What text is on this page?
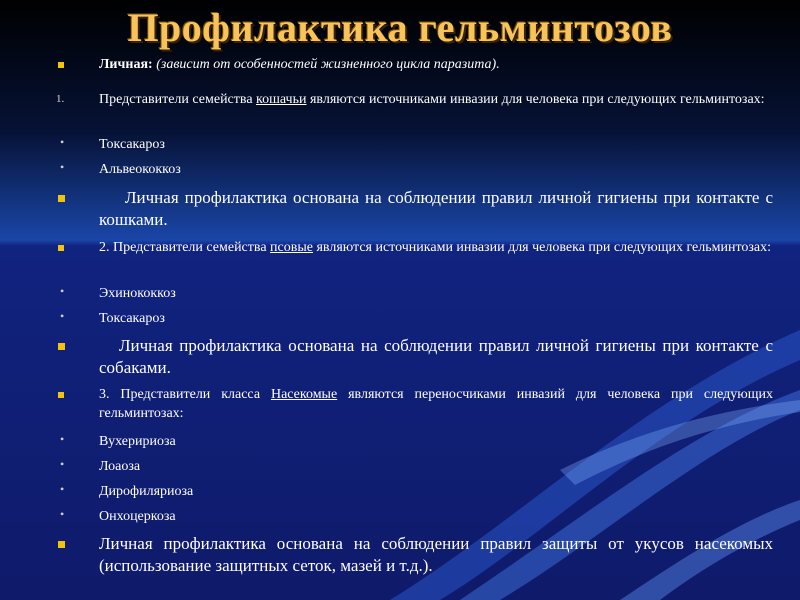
Профилактика гельминтозов
Личная: (зависит от особенностей жизненного цикла паразита).
1. Представители семейства кошачьи являются источниками инвазии для человека при следующих гельминтозах:
• Токсакароз
• Альвеококкоз
Личная профилактика основана на соблюдении правил личной гигиены при контакте с кошками.
2. Представители семейства псовые являются источниками инвазии для человека при следующих гельминтозах:
• Эхинококкоз
• Токсакароз
Личная профилактика основана на соблюдении правил личной гигиены при контакте с собаками.
3. Представители класса Насекомые являются переносчиками инвазий для человека при следующих гельминтозах:
• Вухеририоза
• Лоаоза
• Дирофиляриоза
• Онхоцеркоза
Личная профилактика основана на соблюдении правил защиты от укусов насекомых (использование защитных сеток, мазей и т.д.).
